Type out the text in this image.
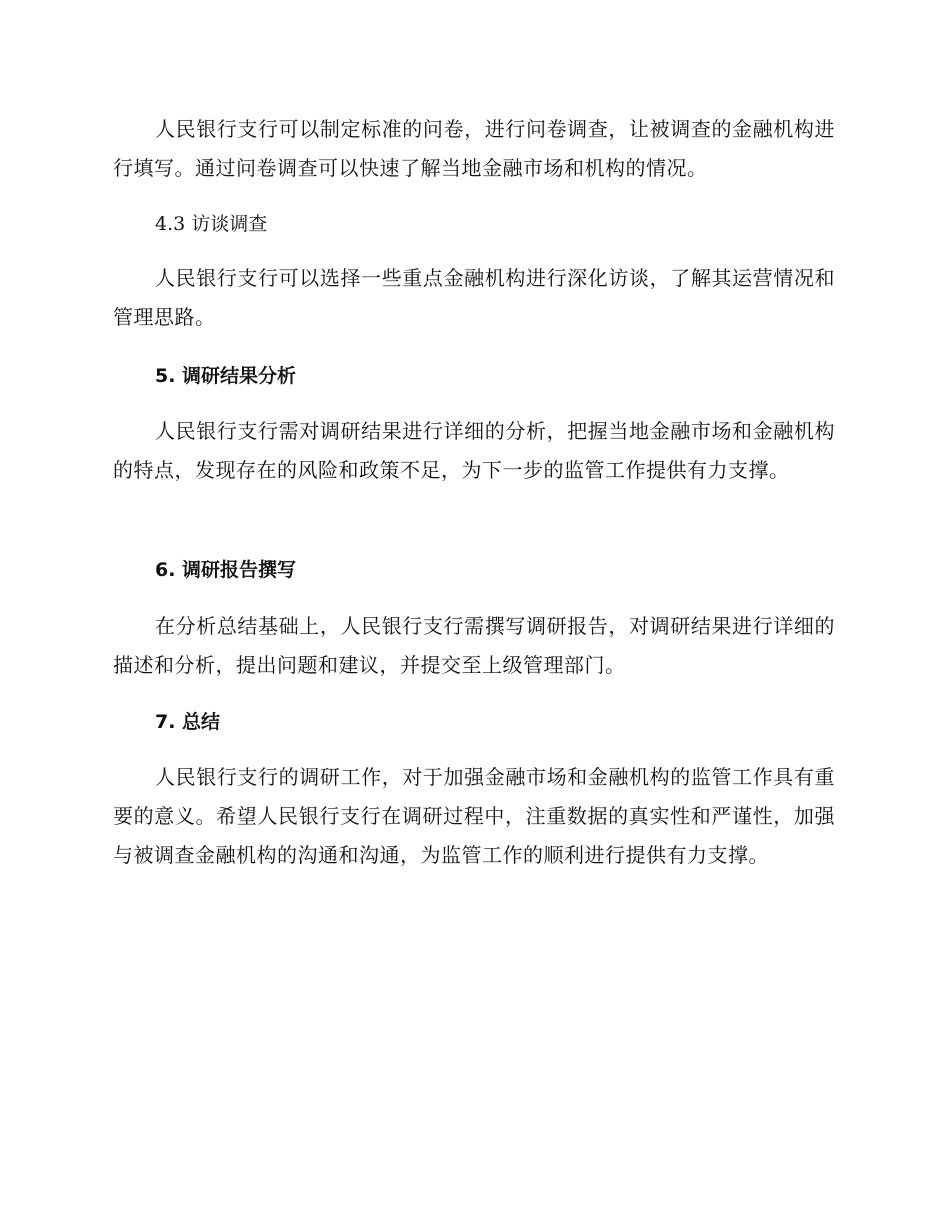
人民银行支行可以制定标准的问卷，进行问卷调查，让被调查的金融机构进行填写。通过问卷调查可以快速了解当地金融市场和机构的情况。

4.3 访谈调查

人民银行支行可以选择一些重点金融机构进行深化访谈，了解其运营情况和管理思路。

5. 调研结果分析

人民银行支行需对调研结果进行详细的分析，把握当地金融市场和金融机构的特点，发现存在的风险和政策不足，为下一步的监管工作提供有力支撑。

6. 调研报告撰写

在分析总结基础上，人民银行支行需撰写调研报告，对调研结果进行详细的描述和分析，提出问题和建议，并提交至上级管理部门。

7. 总结

人民银行支行的调研工作，对于加强金融市场和金融机构的监管工作具有重要的意义。希望人民银行支行在调研过程中，注重数据的真实性和严谨性，加强与被调查金融机构的沟通和沟通，为监管工作的顺利进行提供有力支撑。
